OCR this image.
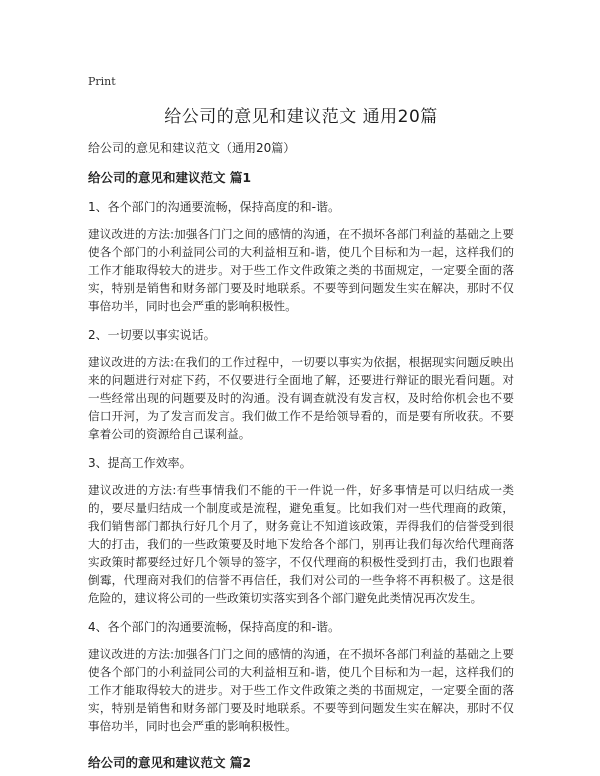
Print
给公司的意见和建议范文 通用20篇

给公司的意见和建议范文（通用20篇）

给公司的意见和建议范文 篇1

1、各个部门的沟通要流畅，保持高度的和-谐。

建议改进的方法:加强各门门之间的感情的沟通，在不损坏各部门利益的基础之上要使各个部门的小利益同公司的大利益相互和-谐，使几个目标和为一起，这样我们的工作才能取得较大的进步。对于些工作文件政策之类的书面规定，一定要全面的落实，特别是销售和财务部门要及时地联系。不要等到问题发生实在解决，那时不仅事倍功半，同时也会严重的影响积极性。

2、一切要以事实说话。

建议改进的方法:在我们的工作过程中，一切要以事实为依据，根据现实问题反映出来的问题进行对症下药，不仅要进行全面地了解，还要进行辩证的眼光看问题。对一些经常出现的问题要及时的沟通。没有调查就没有发言权，及时给你机会也不要信口开河，为了发言而发言。我们做工作不是给领导看的，而是要有所收获。不要拿着公司的资源给自己谋利益。

3、提高工作效率。

建议改进的方法:有些事情我们不能的干一件说一件，好多事情是可以归结成一类的，要尽量归结成一个制度或是流程，避免重复。比如我们对一些代理商的政策，我们销售部门都执行好几个月了，财务竟让不知道该政策，弄得我们的信誉受到很大的打击，我们的一些政策要及时地下发给各个部门，别再让我们每次给代理商落实政策时都要经过好几个领导的签字，不仅代理商的积极性受到打击，我们也跟着倒霉，代理商对我们的信誉不再信任，我们对公司的一些争将不再积极了。这是很危险的，建议将公司的一些政策切实落实到各个部门避免此类情况再次发生。

4、各个部门的沟通要流畅，保持高度的和-谐。

建议改进的方法:加强各门门之间的感情的沟通，在不损坏各部门利益的基础之上要使各个部门的小利益同公司的大利益相互和-谐，使几个目标和为一起，这样我们的工作才能取得较大的进步。对于些工作文件政策之类的书面规定，一定要全面的落实，特别是销售和财务部门要及时地联系。不要等到问题发生实在解决，那时不仅事倍功半，同时也会严重的影响积极性。

给公司的意见和建议范文 篇2
